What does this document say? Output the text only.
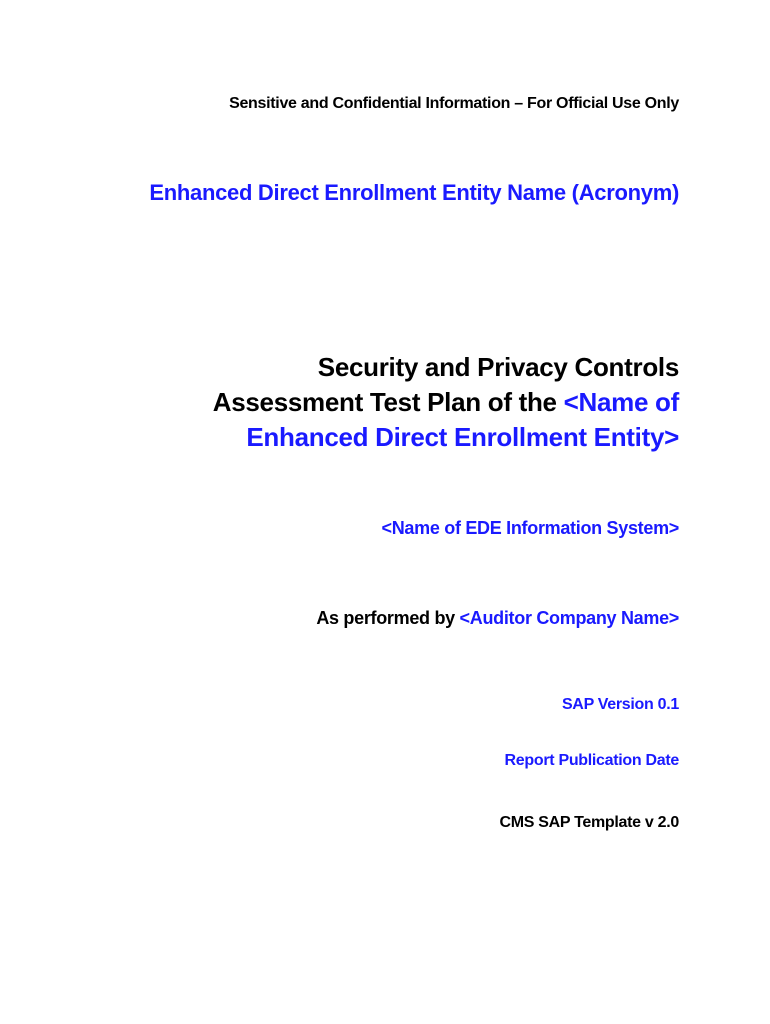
Sensitive and Confidential Information – For Official Use Only
Enhanced Direct Enrollment Entity Name (Acronym)
Security and Privacy Controls
Assessment Test Plan of the <Name of
Enhanced Direct Enrollment Entity>
<Name of EDE Information System>
As performed by <Auditor Company Name>
SAP Version 0.1
Report Publication Date
CMS SAP Template v 2.0
